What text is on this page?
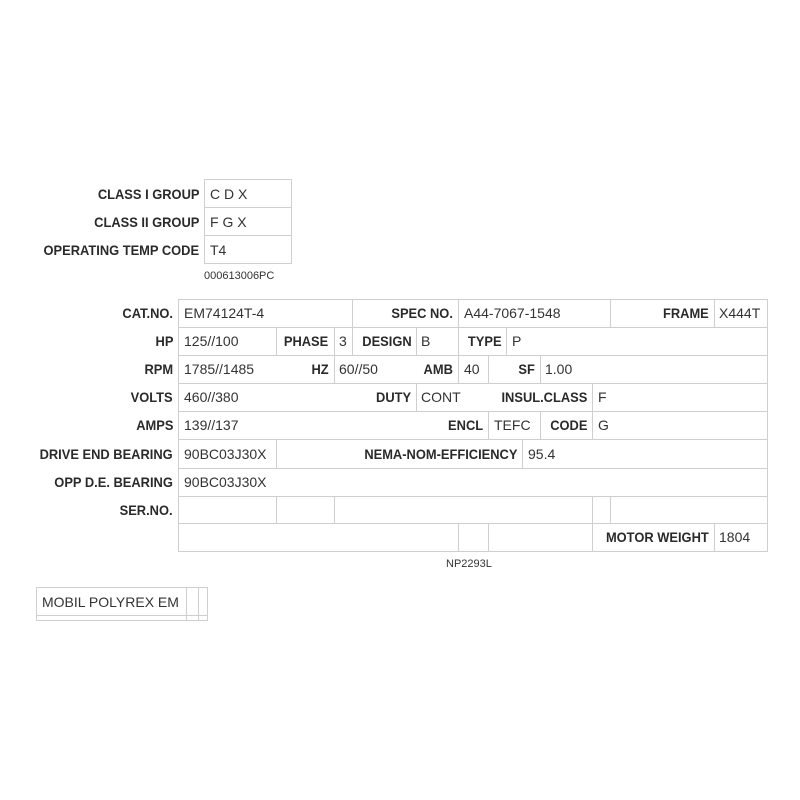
CLASS I GROUP C D X
CLASS II GROUP F G X
OPERATING TEMP CODE T4
000613006PC
CAT.NO. EM74124T-4	SPEC NO. A44-7067-1548	FRAME X444T
HP 125//100	PHASE 3 DESIGN B	TYPE P
RPM 1785//1485	HZ 60//50	AMB 40	SF 1.00
VOLTS 460//380	DUTY CONT	INSUL.CLASS F
AMPS 139//137	ENCL TEFC CODE G
DRIVE END BEARING 90BC03J30X	NEMA-NOM-EFFICIENCY 95.4
OPP D.E. BEARING 90BC03J30X
SER.NO.
MOTOR WEIGHT 1804
NP2293L
MOBIL POLYREX EM
